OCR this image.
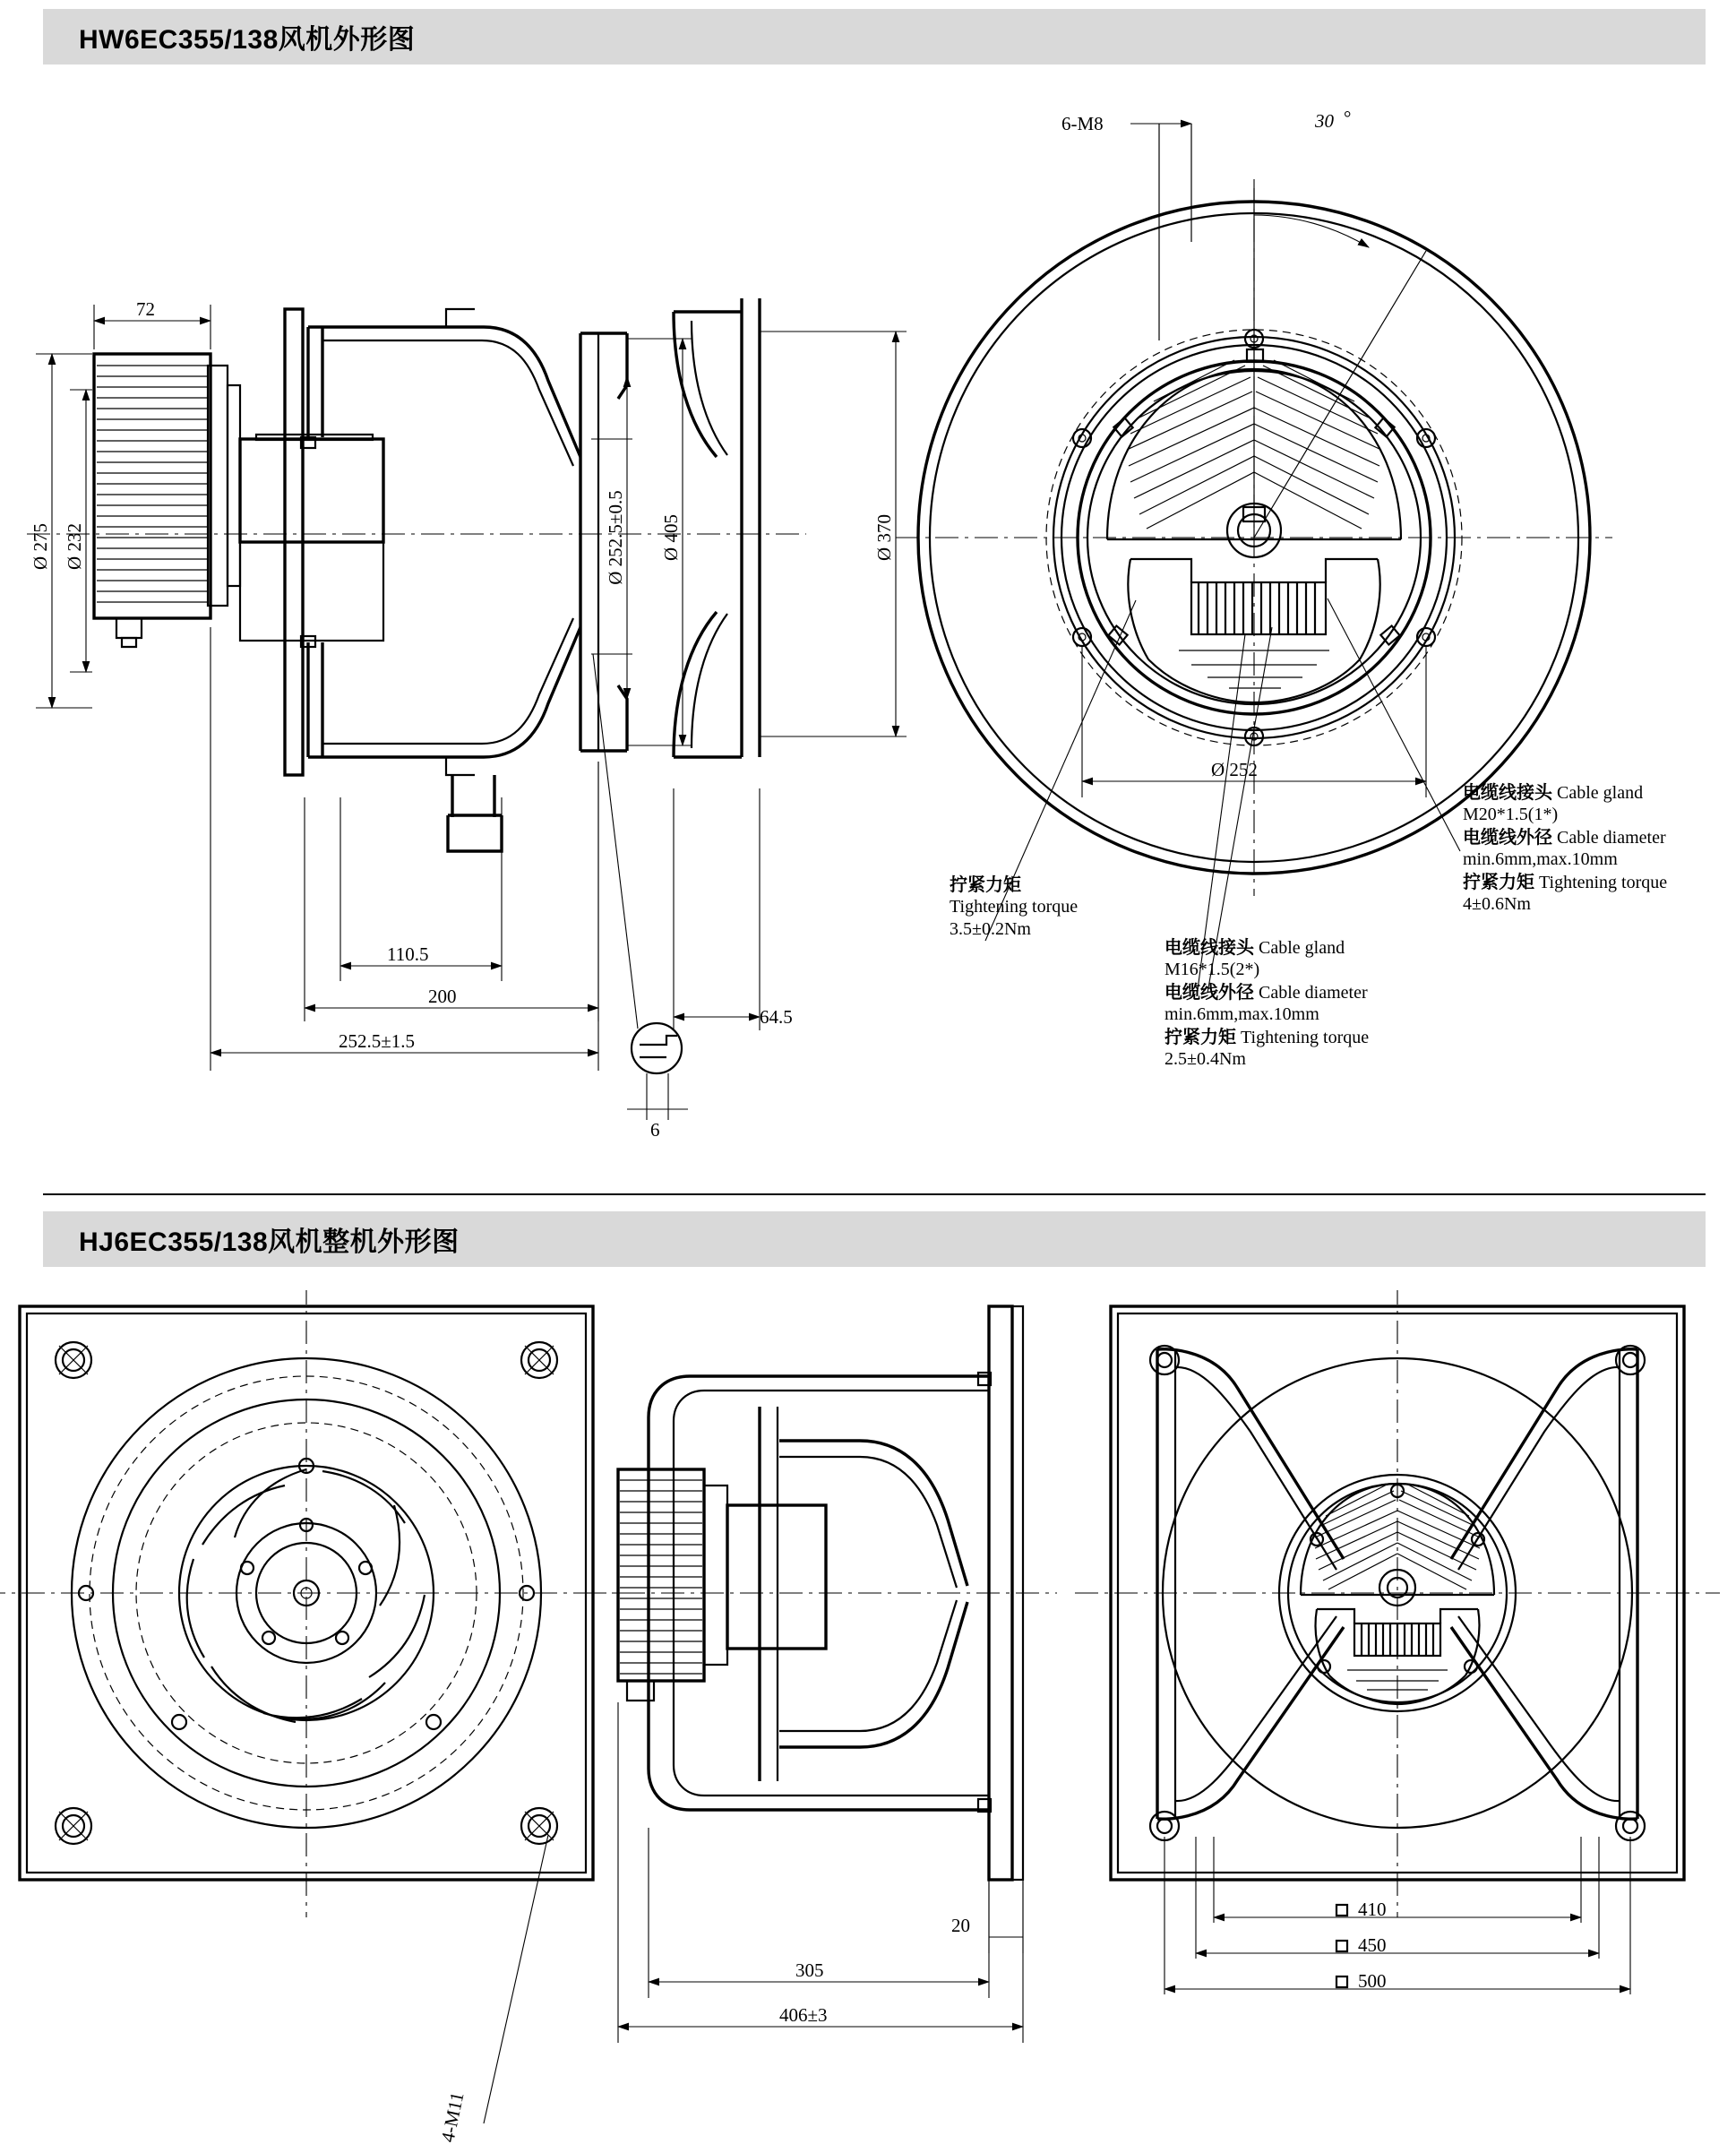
HW6EC355/138风机外形图
72
Ø 275 Ø 232	Ø 252.5±0.5 Ø 405	Ø 370
110.5
200
252.5±1.5
64.5
6
6-M8	30 °
Ø 252
拧紧力矩
Tightening torque
3.5±0.2Nm
电缆线接头 Cable gland
M16*1.5(2*)
电缆线外径 Cable diameter
min.6mm,max.10mm
拧紧力矩 Tightening torque
2.5±0.4Nm
电缆线接头 Cable gland
M20*1.5(1*)
电缆线外径 Cable diameter
min.6mm,max.10mm
拧紧力矩 Tightening torque
4±0.6Nm
HJ6EC355/138风机整机外形图
4-M11
305
20
406±3
410
450
500
